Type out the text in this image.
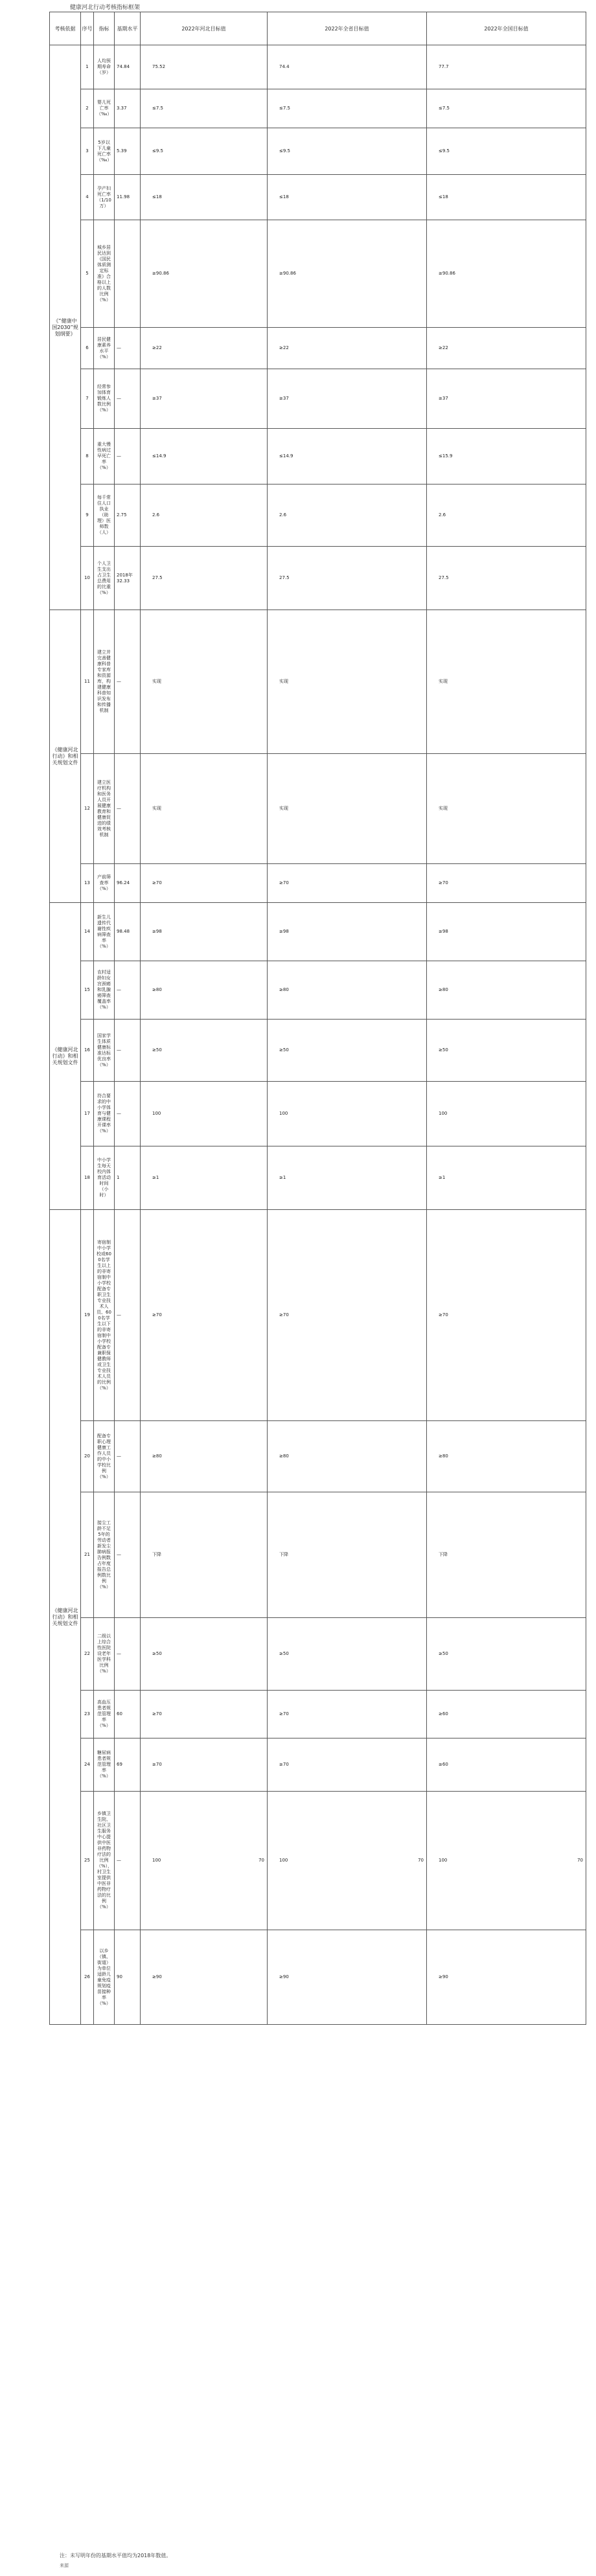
健康河北行动考核指标框架
考核依据	序号	指标	基期水平	2022年河北目标值	2022年全省目标值	2022年全国目标值
《“健康中国2030”规划纲要》	1	人均预期寿命（岁）	74.84	75.52	74.4	77.7
	2	婴儿死亡率（‰）	3.37	≤7.5	≤7.5	≤7.5
	3	5岁以下儿童死亡率（‰）	5.39	≤9.5	≤9.5	≤9.5
	4	孕产妇死亡率（1/10万）	11.98	≤18	≤18	≤18
	5	城乡居民达到《国民体质测定标准》合格以上的人数比例（%）		≥90.86	≥90.86	≥90.86
	6	居民健康素养水平（%）	—	≥22	≥22	≥22
	7	经常参加体育锻炼人数比例（%）	—	≥37	≥37	≥37
	8	重大慢性病过早死亡率（%）	—	≤14.9	≤14.9	≤15.9
	9	每千常住人口执业（助理）医师数（人）	2.75	2.6	2.6	2.6
	10	个人卫生支出占卫生总费用的比重（%）	2018年32.33	27.5	27.5	27.5
《健康河北行动》和相关规划文件	11	建立并完善健康科普专家库和资源库，构建健康科普知识发布和传播机制	—	实现	实现	实现
	12	建立医疗机构和医务人员开展健康教育和健康促进的绩效考核机制	—	实现	实现	实现
	13	产前筛查率（%）	96.24	≥70	≥70	≥70
《健康河北行动》和相关规划文件	14	新生儿遗传代谢性疾病筛查率（%）	98.48	≥98	≥98	≥98
	15	农村适龄妇女宫颈癌和乳腺癌筛查覆盖率（%）	—	≥80	≥80	≥80
	16	国家学生体质健康标准达标优良率（%）	—	≥50	≥50	≥50
	17	符合要求的中小学体育与健康课程开课率（%）	—	100	100	100
	18	中小学生每天校内体育活动时间（小时）	1	≥1	≥1	≥1
《健康河北行动》和相关规划文件	19	寄宿制中小学校或600名学生以上的非寄宿制中小学校配备专职卫生专业技术人员、600名学生以下的非寄宿制中小学校配备专兼职保健教师或卫生专业技术人员的比例（%）	—	≥70	≥70	≥70
	20	配备专职心理健康工作人员的中小学校比例（%）	—	≥80	≥80	≥80
	21	接尘工龄不足5年的劳动者新发尘肺病报告例数占年度报告总例数比例（%）	—	下降	下降	下降
	22	二级以上综合性医院设老年医学科比例（%）	—	≥50	≥50	≥50
	23	高血压患者规范管理率（%）	60	≥70	≥70	≥60
	24	糖尿病患者规范管理率（%）	69	≥70	≥70	≥60
	25	乡镇卫生院、社区卫生服务中心提供中医非药物疗法的比例（%），村卫生室提供中医非药物疗法的比例（%）	—	100 70	100 70	100 70

	26	以乡（镇、街道）为单位适龄儿童免疫规划疫苗接种率（%）	90	≥90	≥90	≥90
注：未写明年份的基期水平值均为2018年数值。
来源
